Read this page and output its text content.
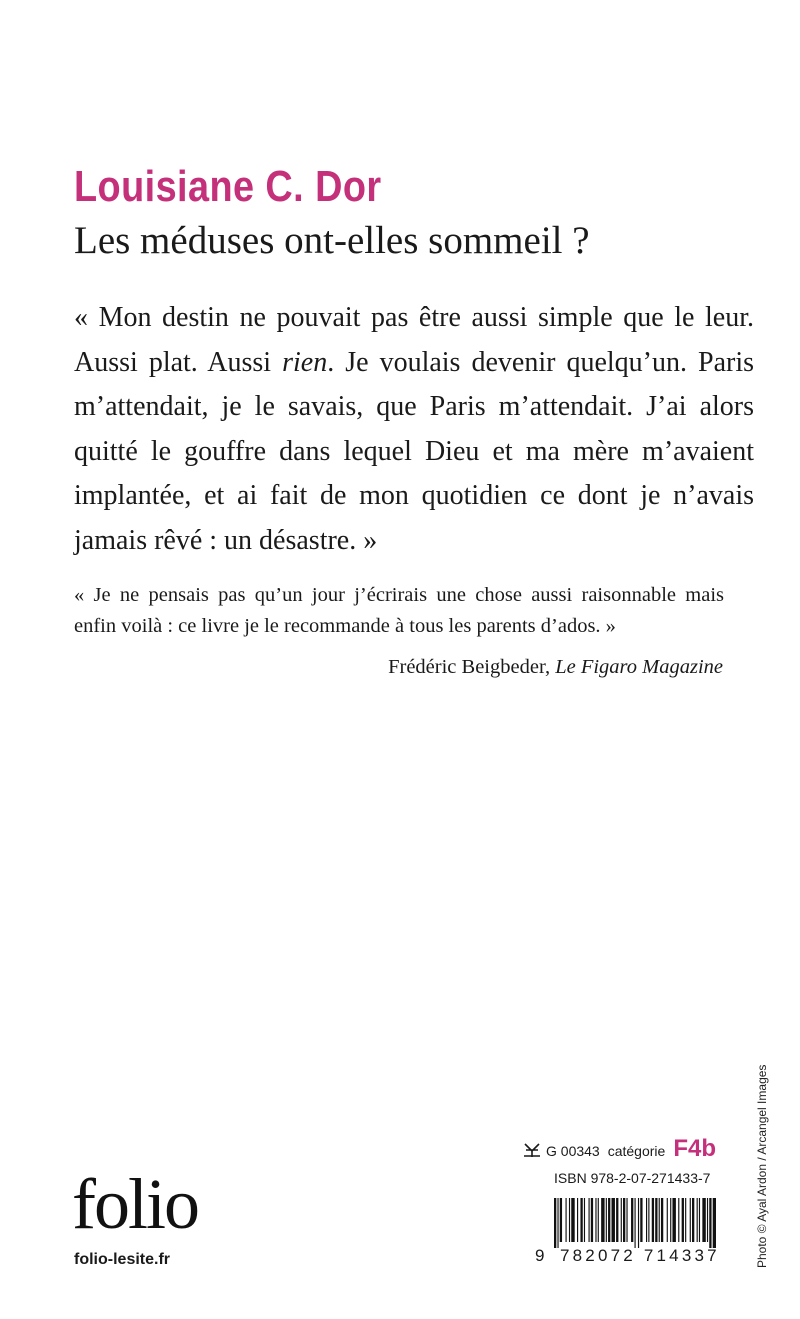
Louisiane C. Dor
Les méduses ont-elles sommeil ?
« Mon destin ne pouvait pas être aussi simple que le leur.
Aussi plat. Aussi rien. Je voulais devenir quelqu’un. Paris
m’attendait, je le savais, que Paris m’attendait. J’ai alors
quitté le gouffre dans lequel Dieu et ma mère m’avaient
implantée, et ai fait de mon quotidien ce dont je n’avais
jamais rêvé : un désastre. »
« Je ne pensais pas qu’un jour j’écrirais une chose aussi raisonnable mais
enfin voilà : ce livre je le recommande à tous les parents d’ados. »
Frédéric Beigbeder, Le Figaro Magazine
Photo © Ayal Ardon / Arcangel Images
folio
folio-lesite.fr
G 00343 catégorie F4b
ISBN 978-2-07-271433-7
9 782072 714337
